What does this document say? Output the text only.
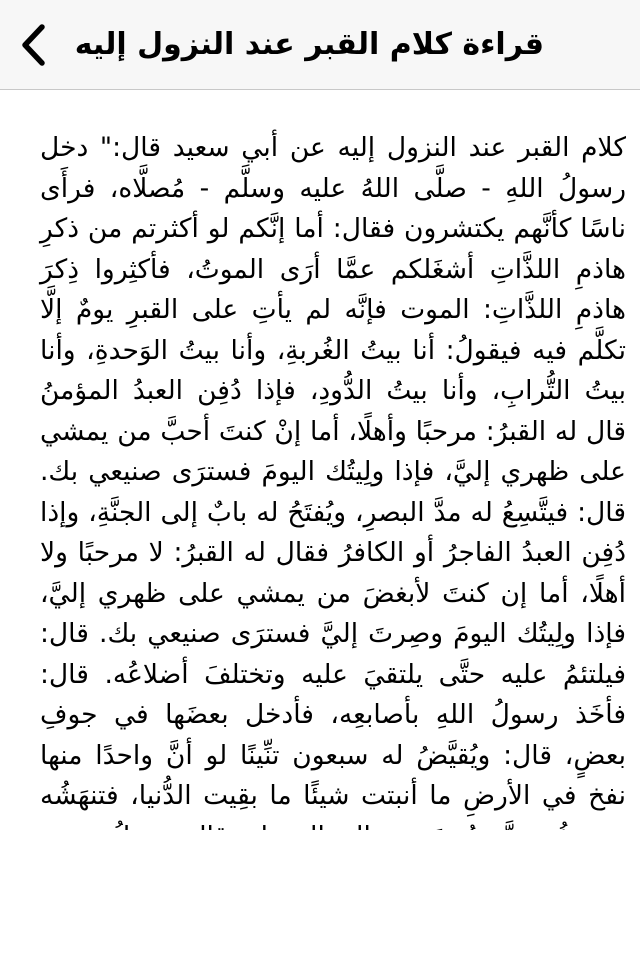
قراءة كلام القبر عند النزول إليه

كلام القبر عند النزول إليه عن أبي سعيد قال:" دخل رسولُ اللهِ - صلَّى اللهُ عليه وسلَّم - مُصلَّاه، فرأَى ناسًا كأنَّهم يكتشرون فقال: أما إنَّكم لو أكثرتم من ذكرِ هاذمِ اللذَّاتِ أشغَلكم عمَّا أرَى الموتُ، فأكثِروا ذِكرَ هاذمِ اللذَّاتِ: الموت فإنَّه لم يأتِ على القبرِ يومٌ إلَّا تكلَّم فيه فيقولُ: أنا بيتُ الغُربةِ، وأنا بيتُ الوَحدةِ، وأنا بيتُ التُّرابِ، وأنا بيتُ الدُّودِ، فإذا دُفِن العبدُ المؤمنُ قال له القبرُ: مرحبًا وأهلًا، أما إنْ كنتَ أحبَّ من يمشي على ظهري إليَّ، فإذا ولِيتُك اليومَ فسترَى صنيعي بك. قال: فيتَّسِعُ له مدَّ البصرِ، ويُفتَحُ له بابٌ إلى الجنَّةِ، وإذا دُفِن العبدُ الفاجرُ أو الكافرُ فقال له القبرُ: لا مرحبًا ولا أهلًا، أما إن كنتَ لأبغضَ من يمشي على ظهري إليَّ، فإذا ولِيتُك اليومَ وصِرتَ إليَّ فسترَى صنيعي بك. قال: فيلتئمُ عليه حتَّى يلتقيَ عليه وتختلفَ أضلاعُه. قال: فأخَذ رسولُ اللهِ بأصابعِه، فأدخل بعضَها في جوفِ بعضٍ، قال: ويُقيَّضُ له سبعون تنِّينًا لو أنَّ واحدًا منها نفخ في الأرضِ ما أنبتت شيئًا ما بقِيت الدُّنيا، فتنهَشُه
